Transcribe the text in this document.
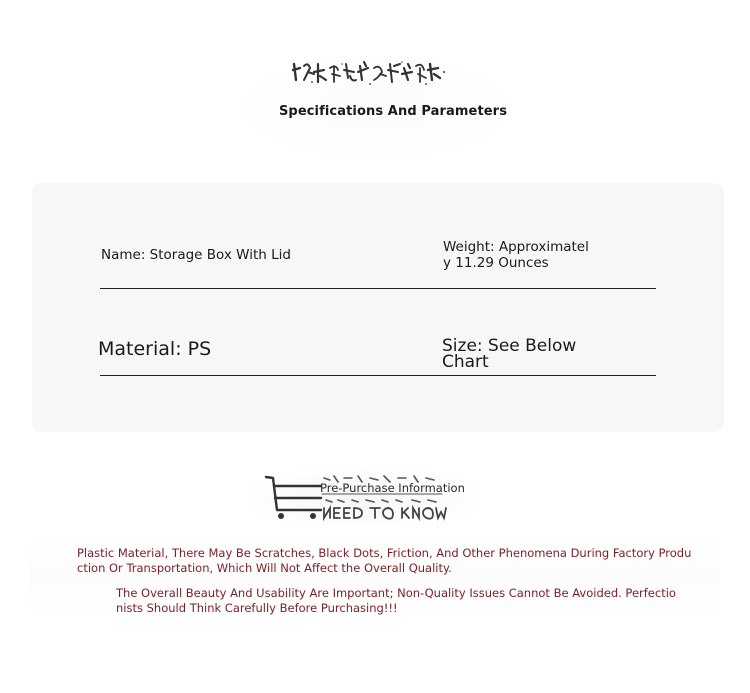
Specifications And Parameters
Name: Storage Box With Lid	Weight: Approximately 11.29 Ounces
Material: PS	Size: See Below Chart
Pre-Purchase Information
Plastic Material, There May Be Scratches, Black Dots, Friction, And Other Phenomena During Factory Production Or Transportation, Which Will Not Affect the Overall Quality.
The Overall Beauty And Usability Are Important; Non-Quality Issues Cannot Be Avoided. Perfectionists Should Think Carefully Before Purchasing!!!
